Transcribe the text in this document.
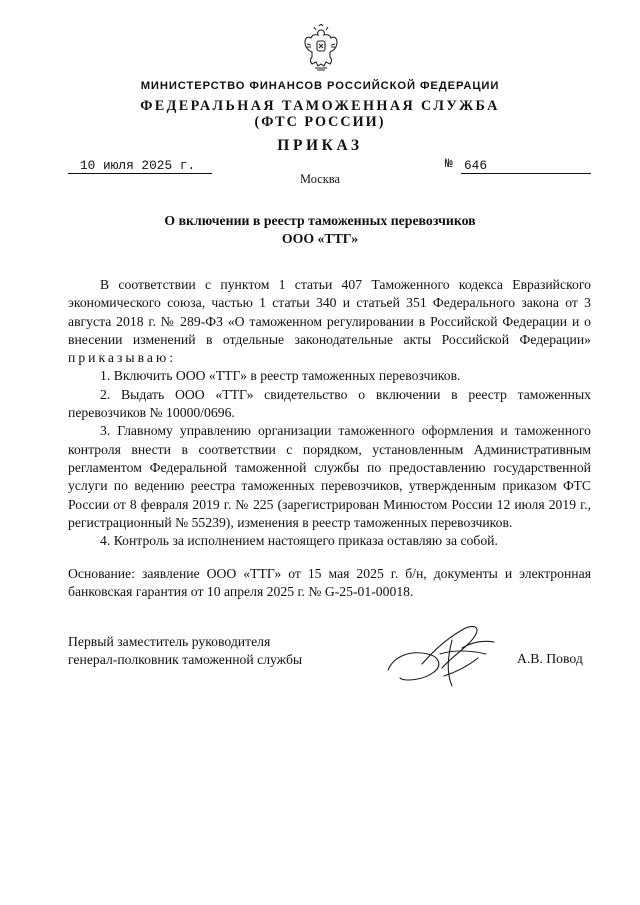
МИНИСТЕРСТВО ФИНАНСОВ РОССИЙСКОЙ ФЕДЕРАЦИИ
ФЕДЕРАЛЬНАЯ ТАМОЖЕННАЯ СЛУЖБА
(ФТС РОССИИ)
ПРИКАЗ
10 июля 2025 г.	№ 646
Москва
О включении в реестр таможенных перевозчиков
ООО «ТТГ»

В соответствии с пунктом 1 статьи 407 Таможенного кодекса Евразийского экономического союза, частью 1 статьи 340 и статьей 351 Федерального закона от 3 августа 2018 г. № 289-ФЗ «О таможенном регулировании в Российской Федерации и о внесении изменений в отдельные законодательные акты Российской Федерации» приказываю:

1. Включить ООО «ТТГ» в реестр таможенных перевозчиков.

2. Выдать ООО «ТТГ» свидетельство о включении в реестр таможенных перевозчиков № 10000/0696.

3. Главному управлению организации таможенного оформления и таможенного контроля внести в соответствии с порядком, установленным Административным регламентом Федеральной таможенной службы по предоставлению государственной услуги по ведению реестра таможенных перевозчиков, утвержденным приказом ФТС России от 8 февраля 2019 г. № 225 (зарегистрирован Минюстом России 12 июля 2019 г., регистрационный № 55239), изменения в реестр таможенных перевозчиков.

4. Контроль за исполнением настоящего приказа оставляю за собой.

Основание: заявление ООО «ТТГ» от 15 мая 2025 г. б/н, документы и электронная банковская гарантия от 10 апреля 2025 г. № G-25-01-00018.
Первый заместитель руководителя
генерал-полковник таможенной службы	А.В. Повод
